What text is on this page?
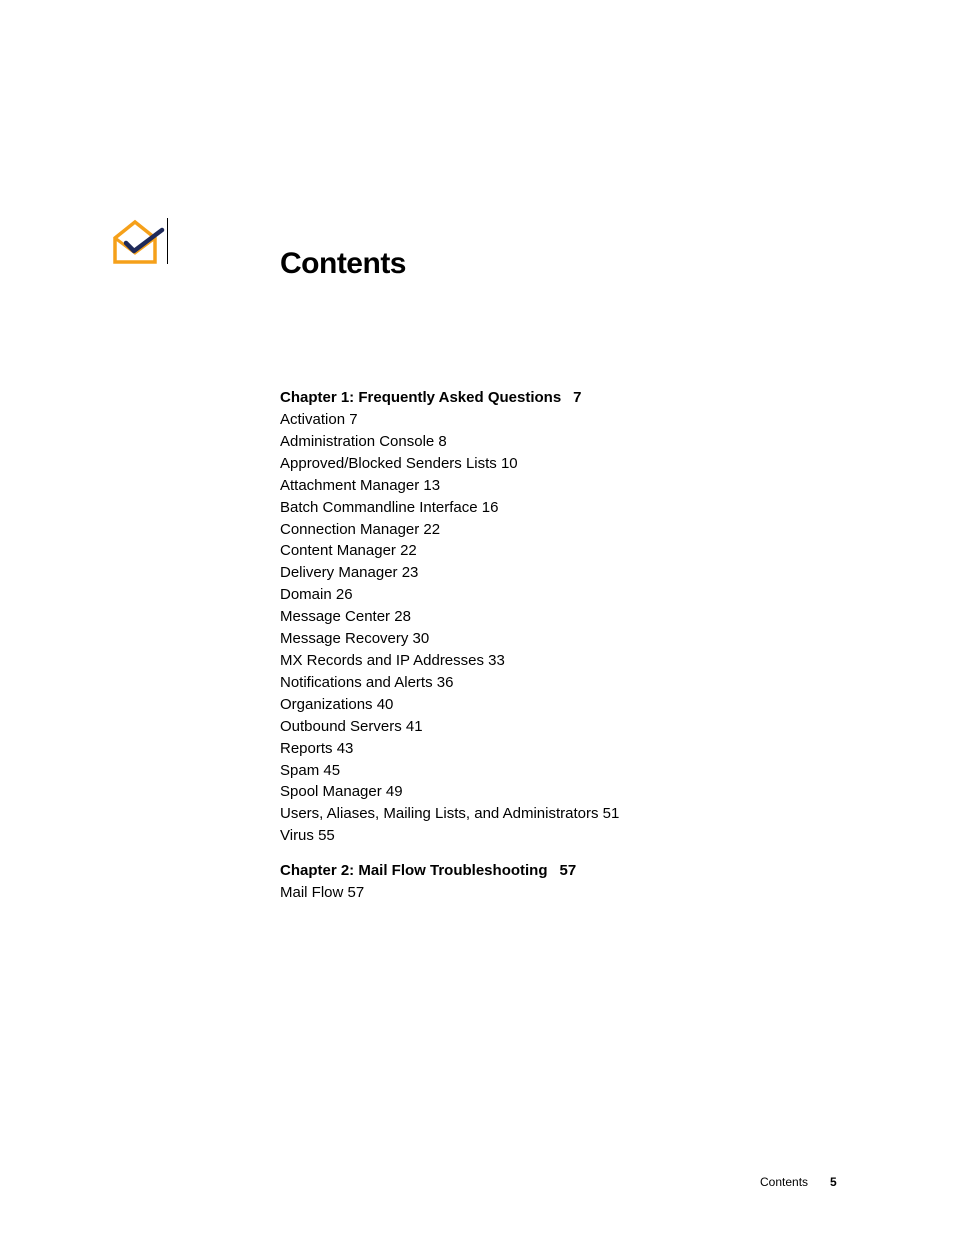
Contents
Chapter 1: Frequently Asked Questions 7
Activation 7
Administration Console 8
Approved/Blocked Senders Lists 10
Attachment Manager 13
Batch Commandline Interface 16
Connection Manager 22
Content Manager 22
Delivery Manager 23
Domain 26
Message Center 28
Message Recovery 30
MX Records and IP Addresses 33
Notifications and Alerts 36
Organizations 40
Outbound Servers 41
Reports 43
Spam 45
Spool Manager 49
Users, Aliases, Mailing Lists, and Administrators 51
Virus 55
Chapter 2: Mail Flow Troubleshooting 57
Mail Flow 57
Contents 5
